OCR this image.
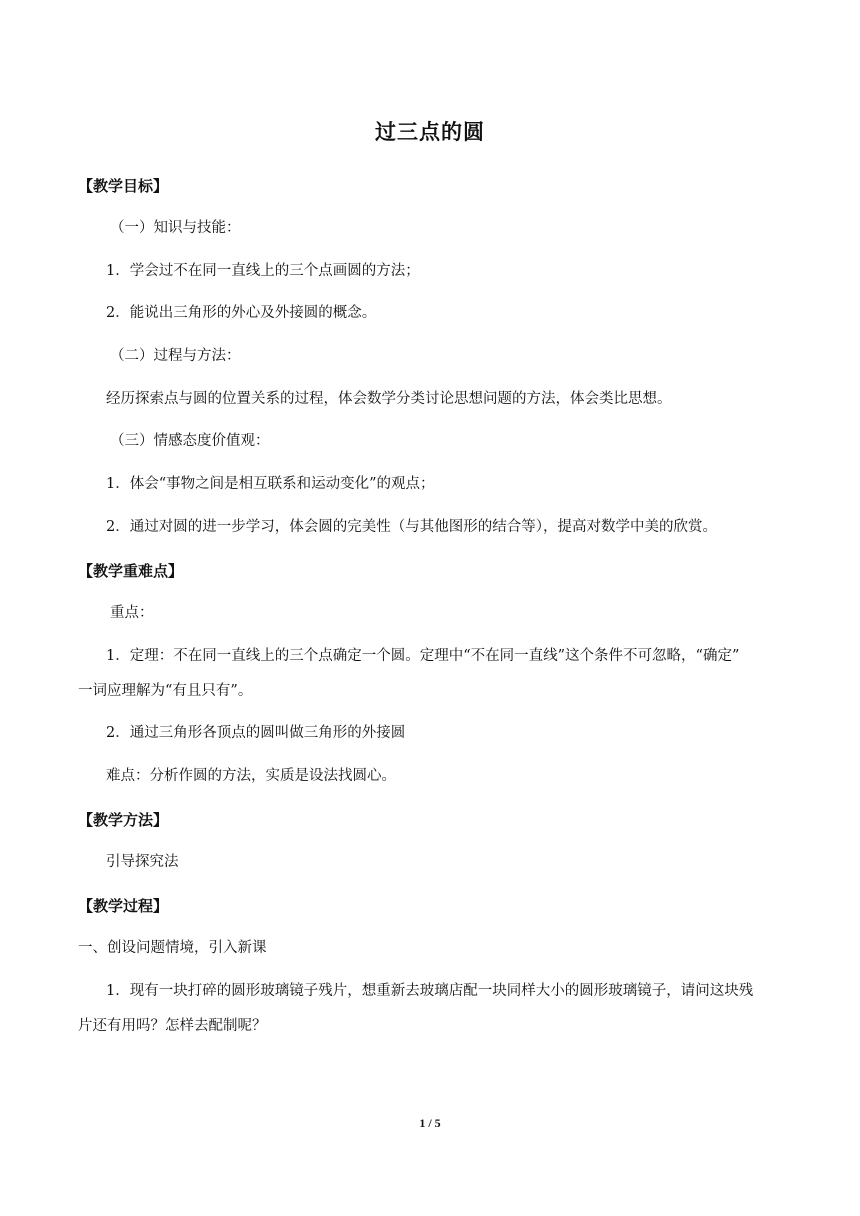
过三点的圆
【教学目标】
（一）知识与技能：
1．学会过不在同一直线上的三个点画圆的方法；
2．能说出三角形的外心及外接圆的概念。
（二）过程与方法：
经历探索点与圆的位置关系的过程，体会数学分类讨论思想问题的方法，体会类比思想。
（三）情感态度价值观：
1．体会“事物之间是相互联系和运动变化”的观点；
2．通过对圆的进一步学习，体会圆的完美性（与其他图形的结合等），提高对数学中美的欣赏。
【教学重难点】
重点：
1．定理：不在同一直线上的三个点确定一个圆。定理中“不在同一直线”这个条件不可忽略，“确定”
一词应理解为“有且只有”。
2．通过三角形各顶点的圆叫做三角形的外接圆
难点：分析作圆的方法，实质是设法找圆心。
【教学方法】
引导探究法
【教学过程】
一、创设问题情境，引入新课
1．现有一块打碎的圆形玻璃镜子残片，想重新去玻璃店配一块同样大小的圆形玻璃镜子，请问这块残
片还有用吗？怎样去配制呢？
1 / 5
